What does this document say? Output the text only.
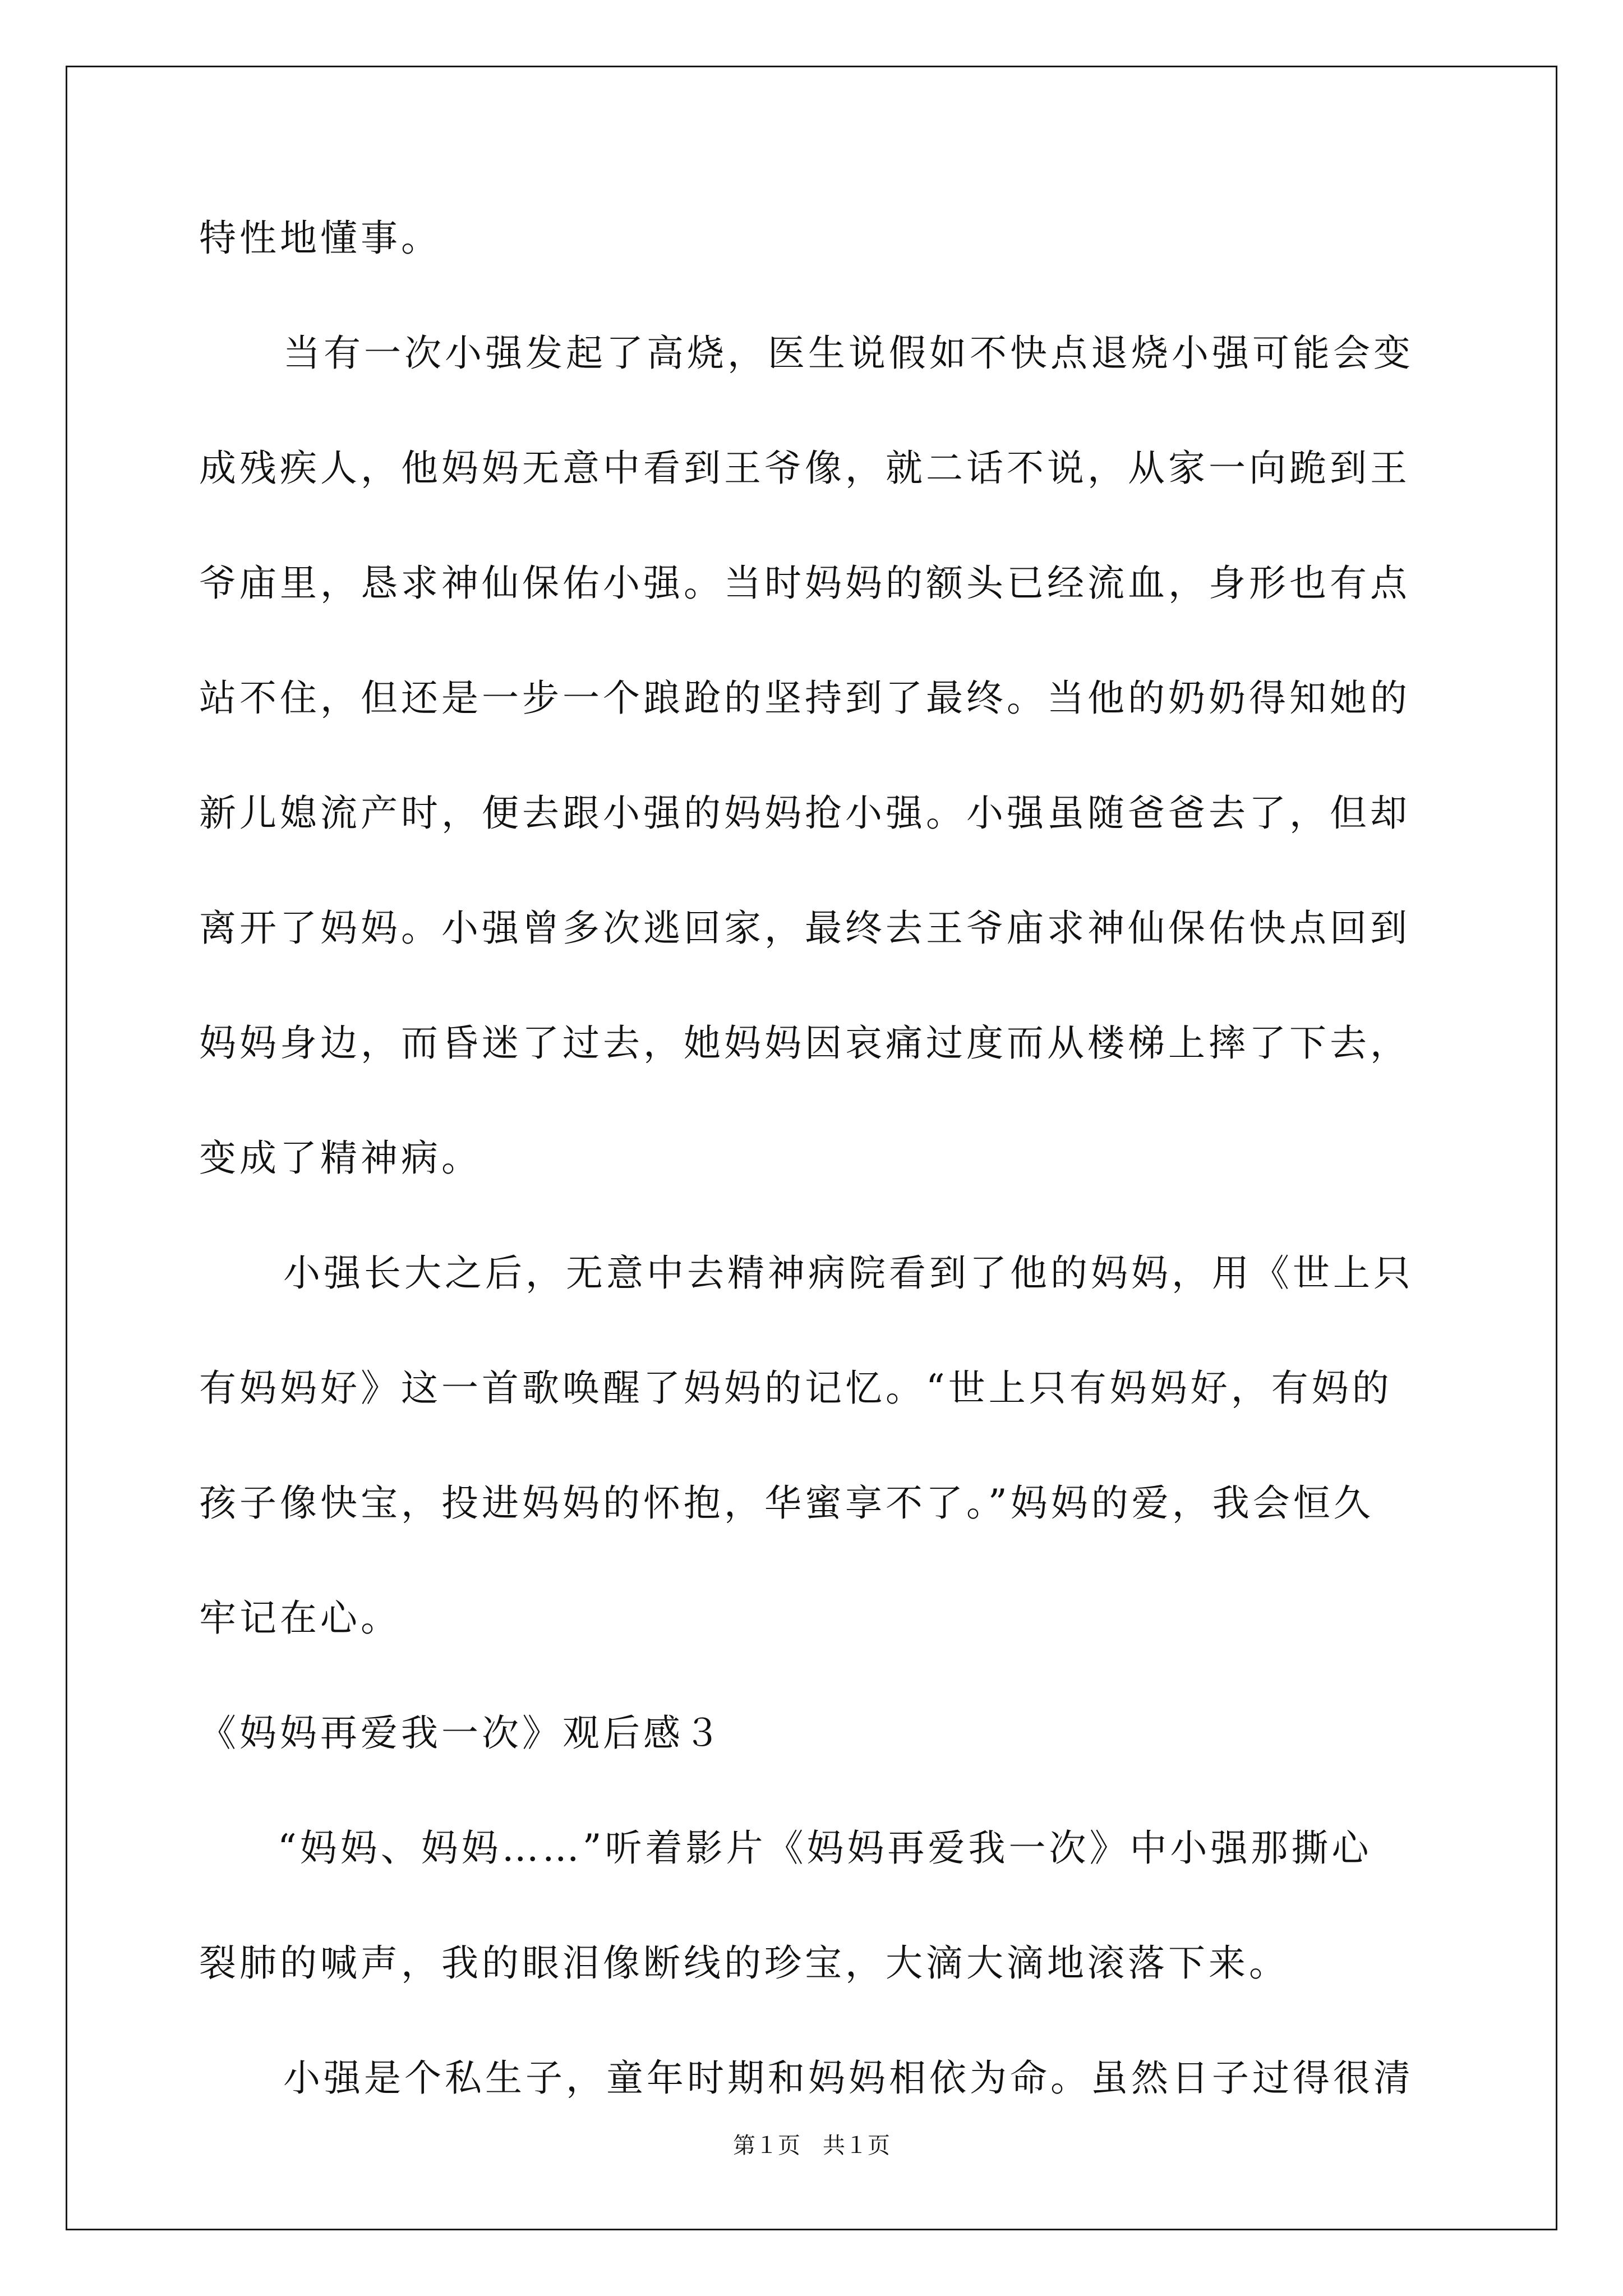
特性地懂事。
当有一次小强发起了高烧，医生说假如不快点退烧小强可能会变
成残疾人，他妈妈无意中看到王爷像，就二话不说，从家一向跪到王
爷庙里，恳求神仙保佑小强。当时妈妈的额头已经流血，身形也有点
站不住，但还是一步一个踉跄的坚持到了最终。当他的奶奶得知她的
新儿媳流产时，便去跟小强的妈妈抢小强。小强虽随爸爸去了，但却
离开了妈妈。小强曾多次逃回家，最终去王爷庙求神仙保佑快点回到
妈妈身边，而昏迷了过去，她妈妈因哀痛过度而从楼梯上摔了下去，
变成了精神病。
小强长大之后，无意中去精神病院看到了他的妈妈，用《世上只
有妈妈好》这一首歌唤醒了妈妈的记忆。“世上只有妈妈好，有妈的
孩子像快宝，投进妈妈的怀抱，华蜜享不了。”妈妈的爱，我会恒久
牢记在心。
《妈妈再爱我一次》观后感３
“妈妈、妈妈……”听着影片《妈妈再爱我一次》中小强那撕心
裂肺的喊声，我的眼泪像断线的珍宝，大滴大滴地滚落下来。
小强是个私生子，童年时期和妈妈相依为命。虽然日子过得很清
第１页　共１页
